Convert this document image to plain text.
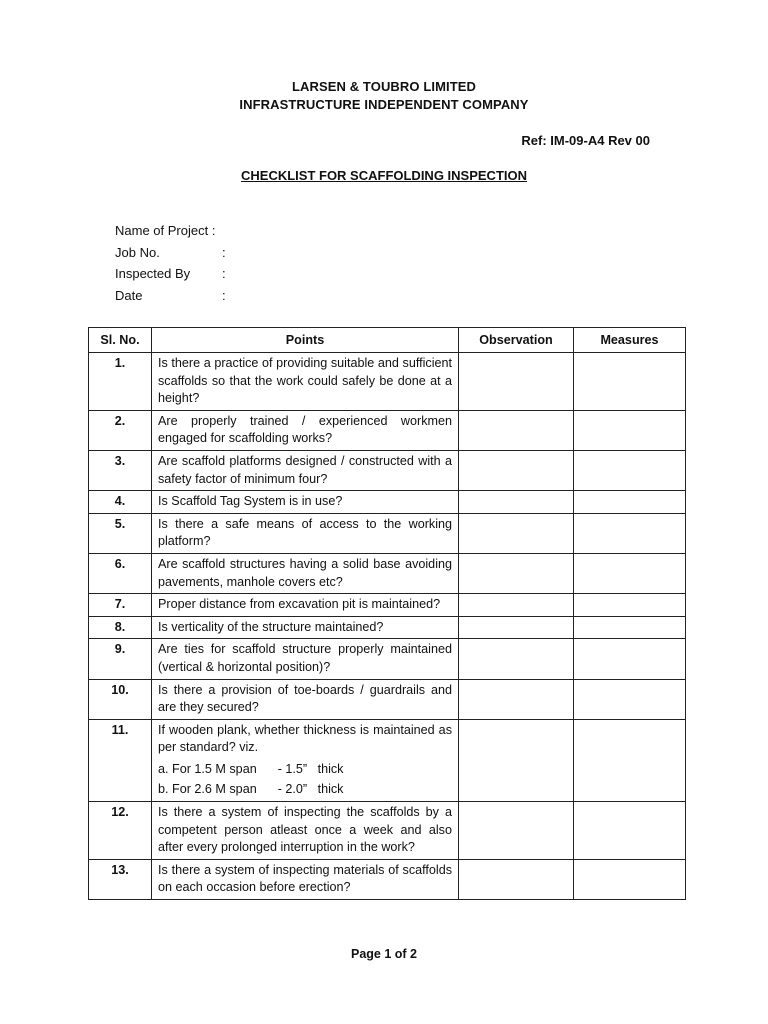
LARSEN & TOUBRO LIMITED
INFRASTRUCTURE INDEPENDENT COMPANY
Ref: IM-09-A4 Rev 00
CHECKLIST FOR SCAFFOLDING INSPECTION
Name of Project :
Job No.	:
Inspected By :
Date	:
Sl. No.	Points	Observation	Measures
1.	Is there a practice of providing suitable and sufficient scaffolds so that the work could safely be done at a height?		

2.	Are properly trained / experienced workmen engaged for scaffolding works?		

3.	Are scaffold platforms designed / constructed with a safety factor of minimum four?		

4.	Is Scaffold Tag System is in use?		

5.	Is there a safe means of access to the working platform?		

6.	Are scaffold structures having a solid base avoiding pavements, manhole covers etc?		

7.	Proper distance from excavation pit is maintained?		

8.	Is verticality of the structure maintained?		

9.	Are ties for scaffold structure properly maintained (vertical & horizontal position)?		

10.	Is there a provision of toe-boards / guardrails and are they secured?		

11.	If wooden plank, whether thickness is maintained as per standard? viz.
a. For 1.5 M span      - 1.5”   thick
b. For 2.6 M span      - 2.0”   thick		

12.	Is there a system of inspecting the scaffolds by a competent person atleast once a week and also after every prolonged interruption in the work?		

13.	Is there a system of inspecting materials of scaffolds on each occasion before erection?		

Page 1 of 2
